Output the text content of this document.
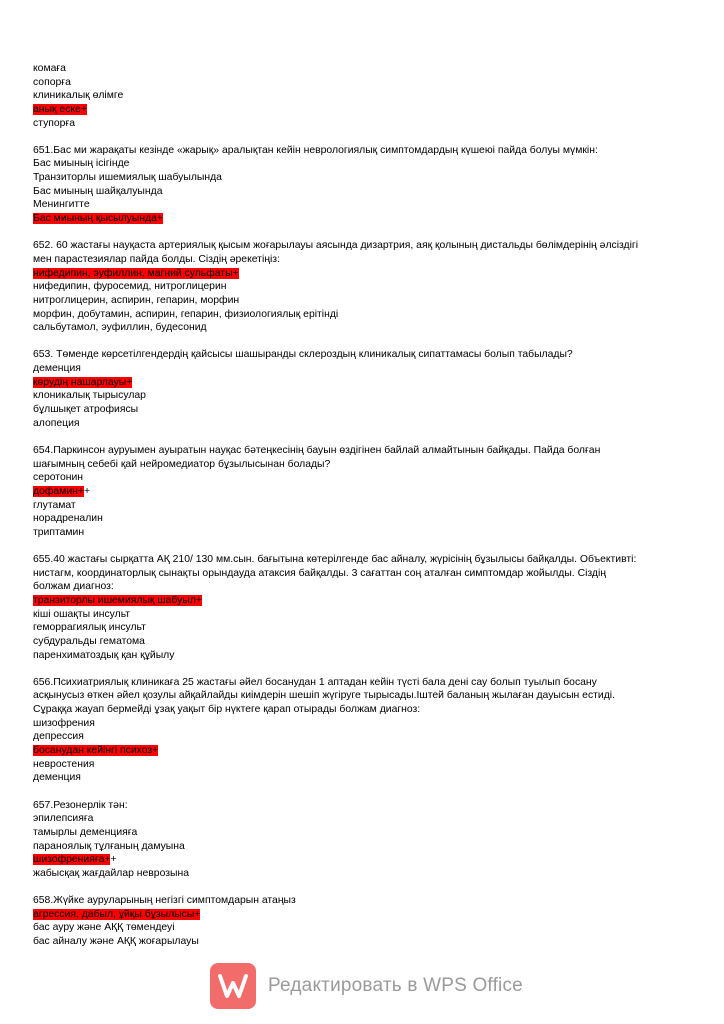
комаға
сопорға
клиникалық өлімге
анық еске+
ступорға
651.Бас ми жарақаты кезінде «жарық» аралықтан кейін неврологиялық симптомдардың күшеюі пайда болуы мүмкін:
Бас миының ісігінде
Транзиторлы ишемиялық шабуылында
Бас миының шайқалуында
Менингитте
Бас миының қысылуында+
652. 60 жастағы науқаста артериялық қысым жоғарылауы аясында дизартрия, аяқ қолының дистальды бөлімдерінің әлсіздігі
мен парастезиялар пайда болды. Сіздің әрекетіңіз:
нифедипин, эуфиллин, магний сульфаты+
нифедипин, фуросемид, нитроглицерин
нитроглицерин, аспирин, гепарин, морфин
морфин, добутамин, аспирин, гепарин, физиологиялық ерітінді
сальбутамол, эуфиллин, будесонид
653. Төменде көрсетілгендердің қайсысы шашыранды склероздың клиникалық сипаттамасы болып табылады?
деменция
көрудің нашарлауы+
клоникалық тырысулар
бұлшықет атрофиясы
алопеция
654.Паркинсон ауруымен ауыратын науқас бәтеңкесінің бауын өздігінен байлай алмайтынын байқады. Пайда болған
шағымның себебі қай нейромедиатор бұзылысынан болады?
серотонин
дофамин++
глутамат
норадреналин
триптамин
655.40 жастағы сырқатта АҚ 210/ 130 мм.сын. бағытына көтерілгенде бас айналу, жүрісінің бұзылысы байқалды. Объективті:
нистагм, координаторлық сынақты орындауда атаксия байқалды. 3 сағаттан соң аталған симптомдар жойылды. Сіздің
болжам диагноз:
транзиторлы ишемиялық шабуыл+
кіші ошақты инсульт
геморрагиялық инсульт
субдуральды гематома
паренхиматоздық қан құйылу
656.Психиатриялық клиникаға 25 жастағы әйел босанудан 1 аптадан кейін түсті бала дені сау болып туылып босану
асқынусыз өткен әйел қозулы айқайлайды киімдерін шешіп жүгіруге тырысады.Іштей баланың жылаған дауысын естиді.
Сұраққа жауап бермейді ұзақ уақыт бір нүктеге қарап отырады болжам диагноз:
шизофрения
депрессия
босанудан кейінгі психоз+
невростения
деменция
657.Резонерлік тән:
эпилепсияға
тамырлы деменцияға
параноялық тұлғаның дамуына
шизофренияға++
жабысқақ жағдайлар неврозына
658.Жүйке ауруларының негізгі симптомдарын атаңыз
агрессия, дабыл, ұйқы бұзылысы+
бас ауру және АҚҚ төмендеуі
бас айналу және АҚҚ жоғарылауы
Редактировать в WPS Office
